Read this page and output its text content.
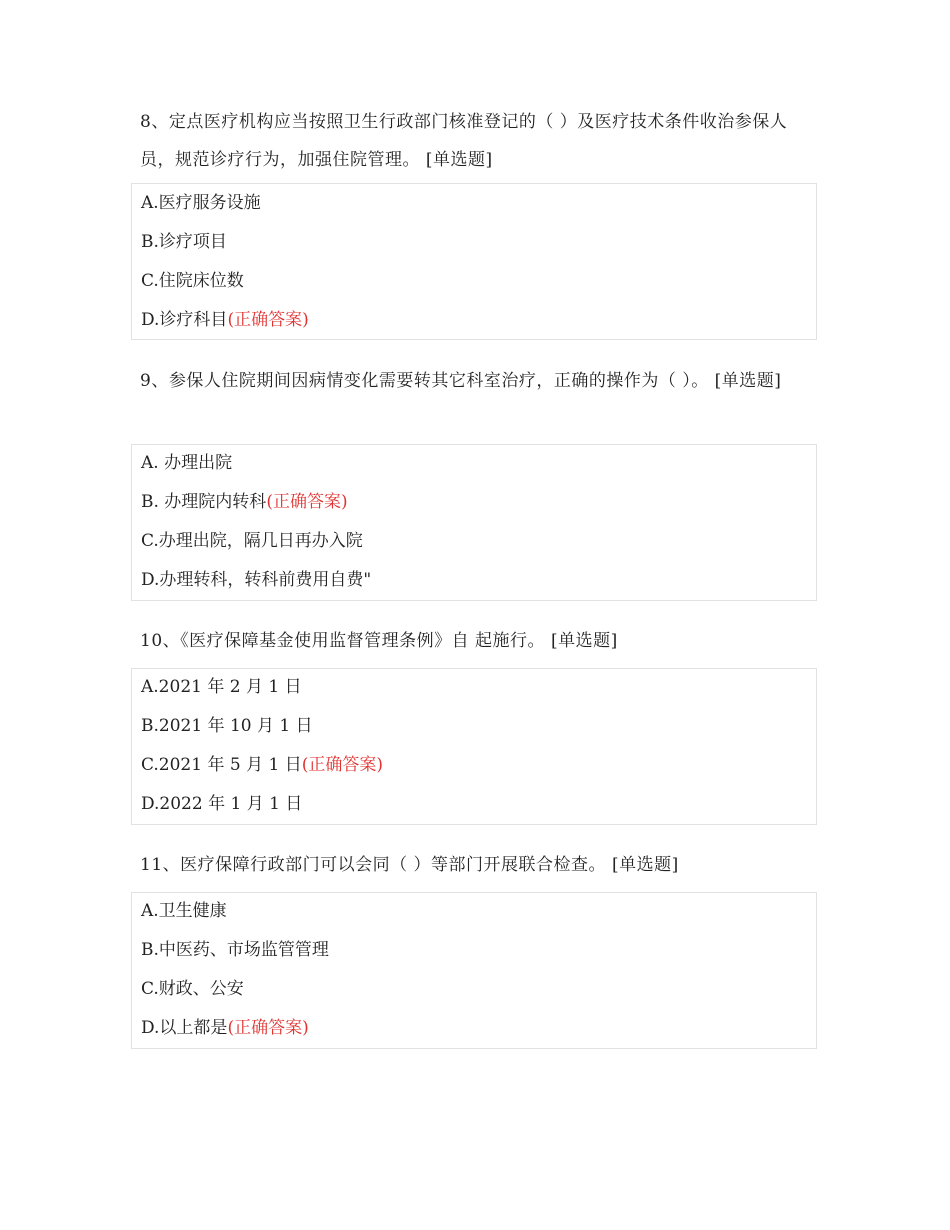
8、定点医疗机构应当按照卫生行政部门核准登记的（ ）及医疗技术条件收治参保人员，规范诊疗行为，加强住院管理。 [单选题]
A.医疗服务设施
B.诊疗项目
C.住院床位数
D.诊疗科目(正确答案)
9、参保人住院期间因病情变化需要转其它科室治疗，正确的操作为（ ）。 [单选题]
A. 办理出院
B. 办理院内转科(正确答案)
C.办理出院，隔几日再办入院
D.办理转科，转科前费用自费"
10、《医疗保障基金使用监督管理条例》自 起施行。 [单选题]
A.2021 年 2 月 1 日
B.2021 年 10 月 1 日
C.2021 年 5 月 1 日(正确答案)
D.2022 年 1 月 1 日
11、医疗保障行政部门可以会同（ ）等部门开展联合检查。 [单选题]
A.卫生健康
B.中医药、市场监管管理
C.财政、公安
D.以上都是(正确答案)
